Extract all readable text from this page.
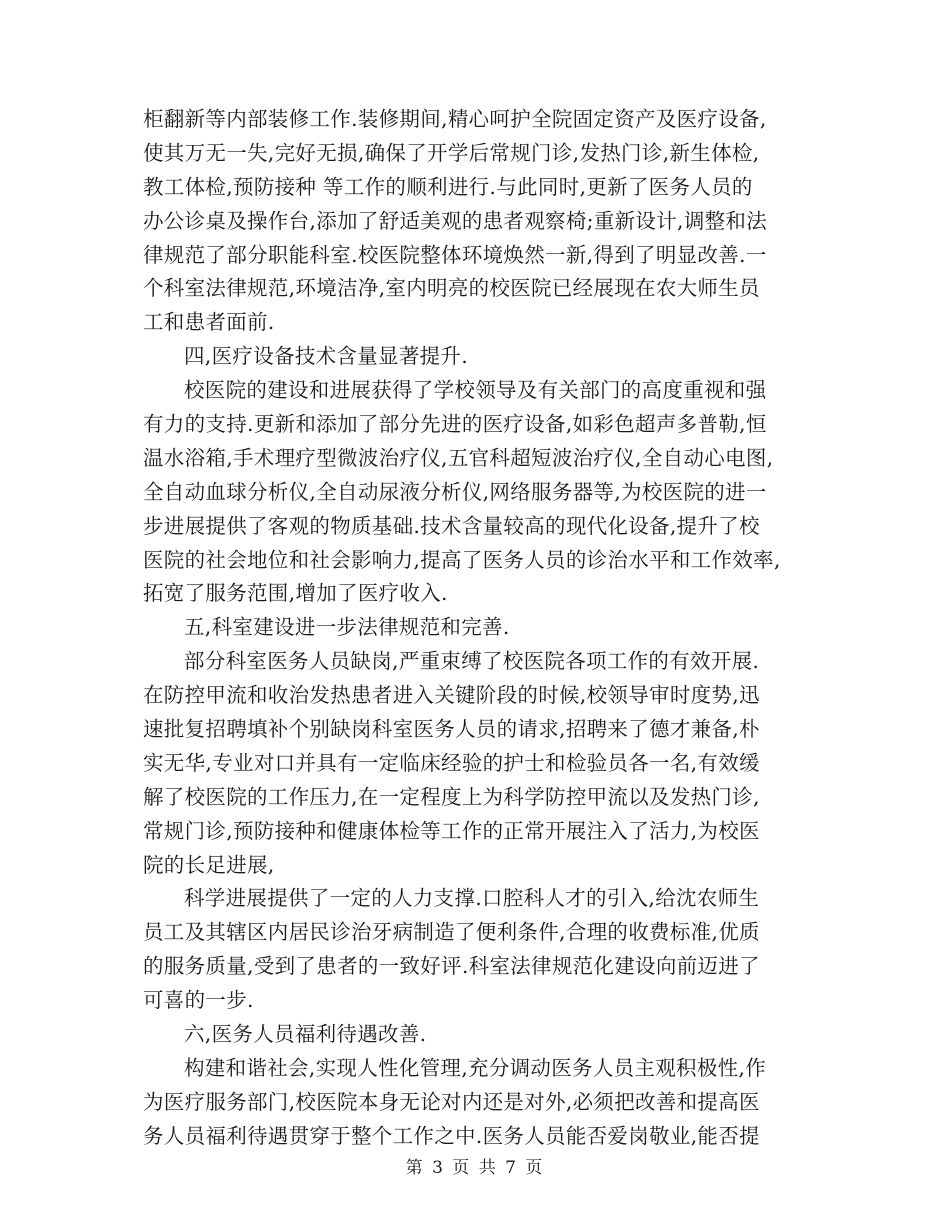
柜翻新等内部装修工作.装修期间,精心呵护全院固定资产及医疗设备,
使其万无一失,完好无损,确保了开学后常规门诊,发热门诊,新生体检,
教工体检,预防接种 等工作的顺利进行.与此同时,更新了医务人员的
办公诊桌及操作台,添加了舒适美观的患者观察椅;重新设计,调整和法
律规范了部分职能科室.校医院整体环境焕然一新,得到了明显改善.一
个科室法律规范,环境洁净,室内明亮的校医院已经展现在农大师生员
工和患者面前.
四,医疗设备技术含量显著提升.
校医院的建设和进展获得了学校领导及有关部门的高度重视和强
有力的支持.更新和添加了部分先进的医疗设备,如彩色超声多普勒,恒
温水浴箱,手术理疗型微波治疗仪,五官科超短波治疗仪,全自动心电图,
全自动血球分析仪,全自动尿液分析仪,网络服务器等,为校医院的进一
步进展提供了客观的物质基础.技术含量较高的现代化设备,提升了校
医院的社会地位和社会影响力,提高了医务人员的诊治水平和工作效率,
拓宽了服务范围,增加了医疗收入.
五,科室建设进一步法律规范和完善.
部分科室医务人员缺岗,严重束缚了校医院各项工作的有效开展.
在防控甲流和收治发热患者进入关键阶段的时候,校领导审时度势,迅
速批复招聘填补个别缺岗科室医务人员的请求,招聘来了德才兼备,朴
实无华,专业对口并具有一定临床经验的护士和检验员各一名,有效缓
解了校医院的工作压力,在一定程度上为科学防控甲流以及发热门诊,
常规门诊,预防接种和健康体检等工作的正常开展注入了活力,为校医
院的长足进展,
科学进展提供了一定的人力支撑.口腔科人才的引入,给沈农师生
员工及其辖区内居民诊治牙病制造了便利条件,合理的收费标准,优质
的服务质量,受到了患者的一致好评.科室法律规范化建设向前迈进了
可喜的一步.
六,医务人员福利待遇改善.
构建和谐社会,实现人性化管理,充分调动医务人员主观积极性,作
为医疗服务部门,校医院本身无论对内还是对外,必须把改善和提高医
务人员福利待遇贯穿于整个工作之中.医务人员能否爱岗敬业,能否提
第 3 页 共 7 页
